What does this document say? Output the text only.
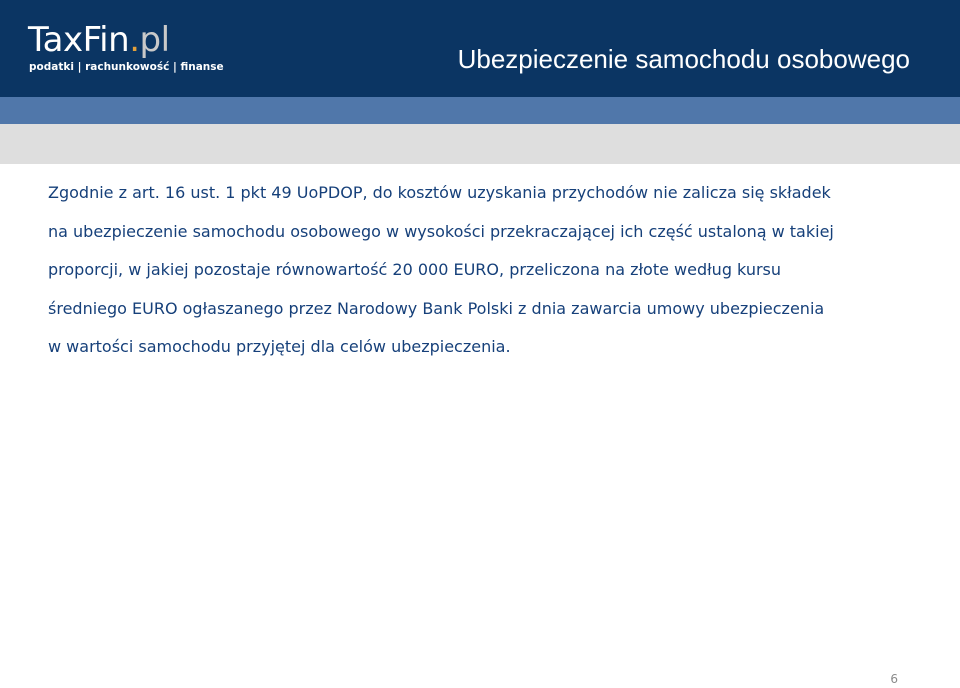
TaxFin.pl
podatki | rachunkowość | finanse	Ubezpieczenie samochodu osobowego
Zgodnie z art. 16 ust. 1 pkt 49 UoPDOP, do kosztów uzyskania przychodów nie zalicza się składek
na ubezpieczenie samochodu osobowego w wysokości przekraczającej ich część ustaloną w takiej
proporcji, w jakiej pozostaje równowartość 20 000 EURO, przeliczona na złote według kursu
średniego EURO ogłaszanego przez Narodowy Bank Polski z dnia zawarcia umowy ubezpieczenia
w wartości samochodu przyjętej dla celów ubezpieczenia.
6
